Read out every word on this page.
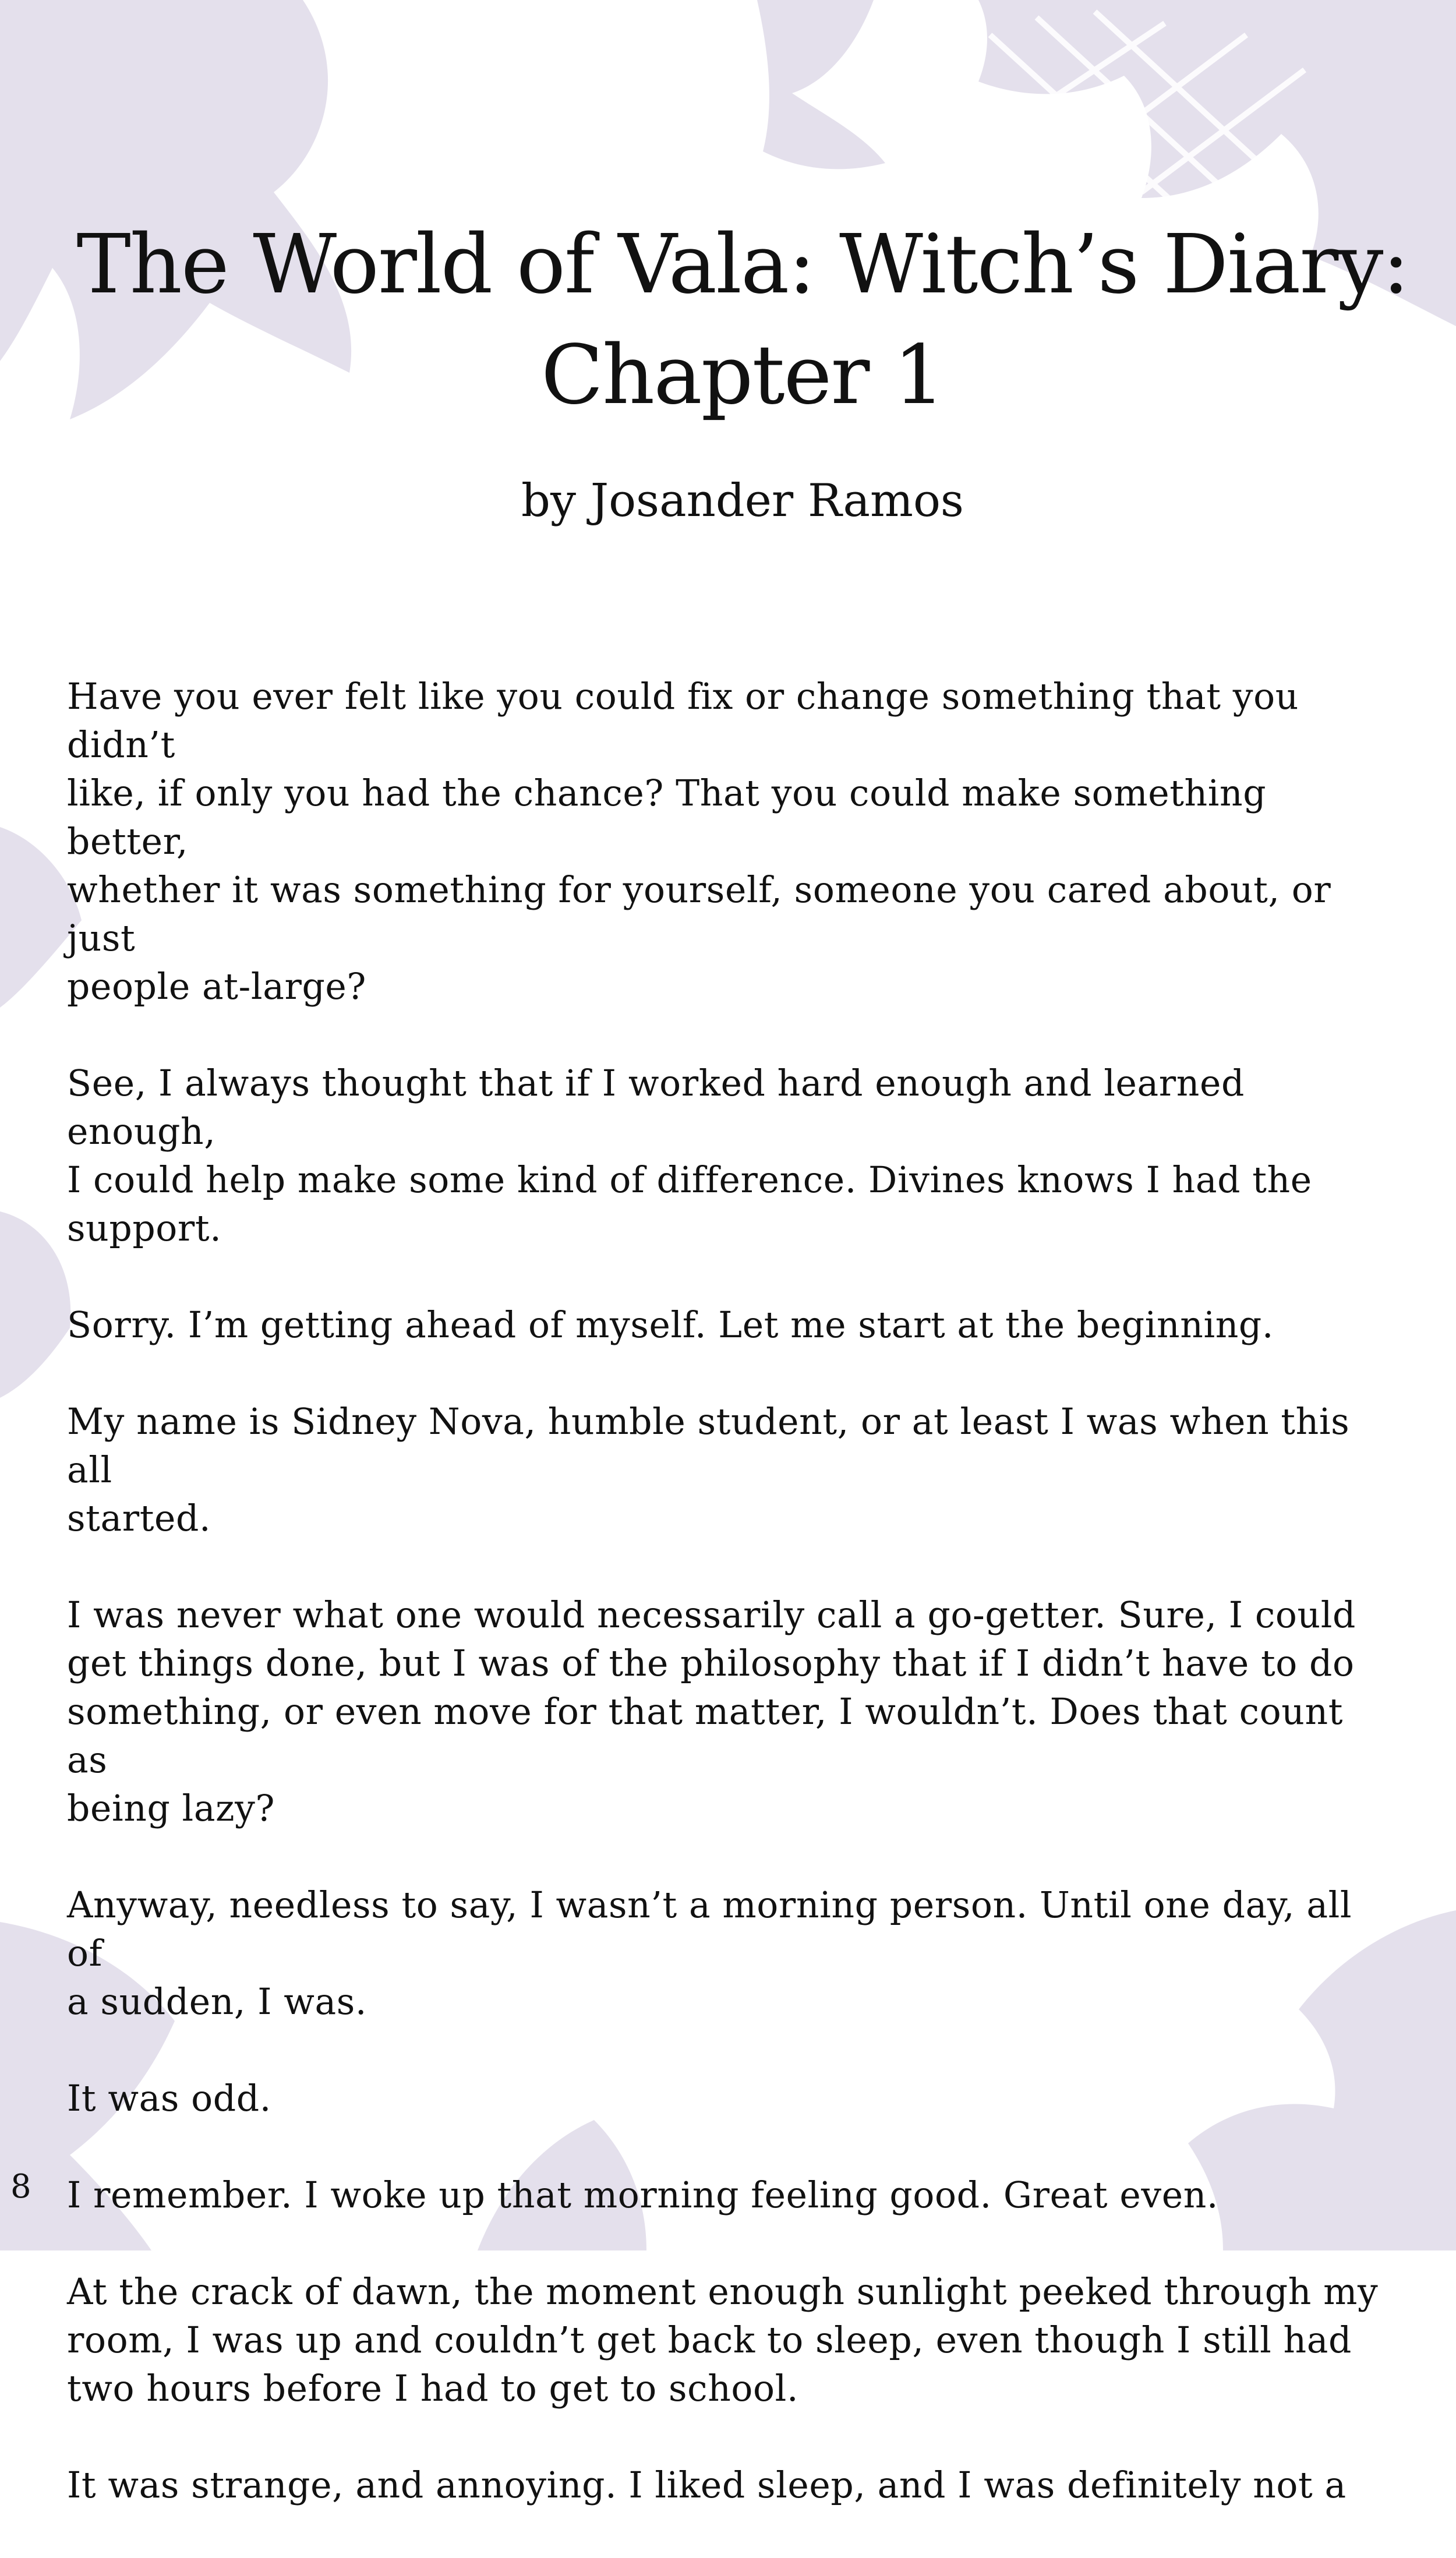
The World of Vala: Witch’s Diary:
Chapter 1

by Josander Ramos

Have you ever felt like you could fix or change something that you didn’t
like, if only you had the chance? That you could make something better,
whether it was something for yourself, someone you cared about, or just
people at-large?

See, I always thought that if I worked hard enough and learned enough,
I could help make some kind of difference. Divines knows I had the
support.

Sorry. I’m getting ahead of myself. Let me start at the beginning.

My name is Sidney Nova, humble student, or at least I was when this all
started.

I was never what one would necessarily call a go-getter. Sure, I could
get things done, but I was of the philosophy that if I didn’t have to do
something, or even move for that matter, I wouldn’t. Does that count as
being lazy?

Anyway, needless to say, I wasn’t a morning person. Until one day, all of
a sudden, I was.

It was odd.

I remember. I woke up that morning feeling good. Great even.

At the crack of dawn, the moment enough sunlight peeked through my
room, I was up and couldn’t get back to sleep, even though I still had
two hours before I had to get to school.

It was strange, and annoying. I liked sleep, and I was definitely not a

8
